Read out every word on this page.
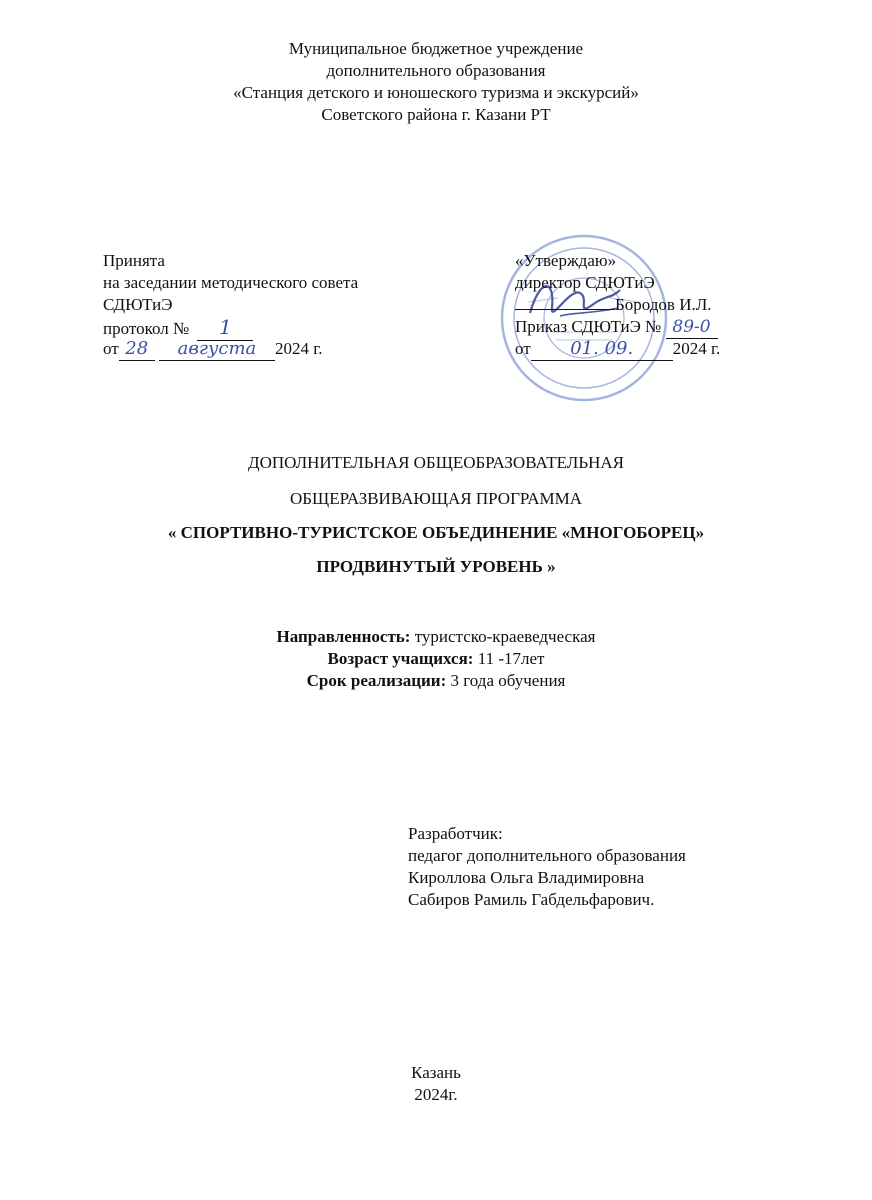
Муниципальное бюджетное учреждение
дополнительного образования
«Станция детского и юношеского туризма и экскурсий»
Советского района г. Казани РТ
Принята
на заседании методического совета
СДЮТиЭ
протокол № 1
от 28 августа 2024 г.
«Утверждаю»
директор СДЮТиЭ
Бородов И.Л.
Приказ СДЮТиЭ № 89-0
от 01. 09. 2024 г.
ДОПОЛНИТЕЛЬНАЯ ОБЩЕОБРАЗОВАТЕЛЬНАЯ
ОБЩЕРАЗВИВАЮЩАЯ ПРОГРАММА
« СПОРТИВНО-ТУРИСТСКОЕ ОБЪЕДИНЕНИЕ «МНОГОБОРЕЦ»
ПРОДВИНУТЫЙ УРОВЕНЬ »
Направленность: туристско-краеведческая
Возраст учащихся: 11 -17лет
Срок реализации: 3 года обучения
Разработчик:
педагог дополнительного образования
Кироллова Ольга Владимировна
Сабиров Рамиль Габдельфарович.
Казань
2024г.
